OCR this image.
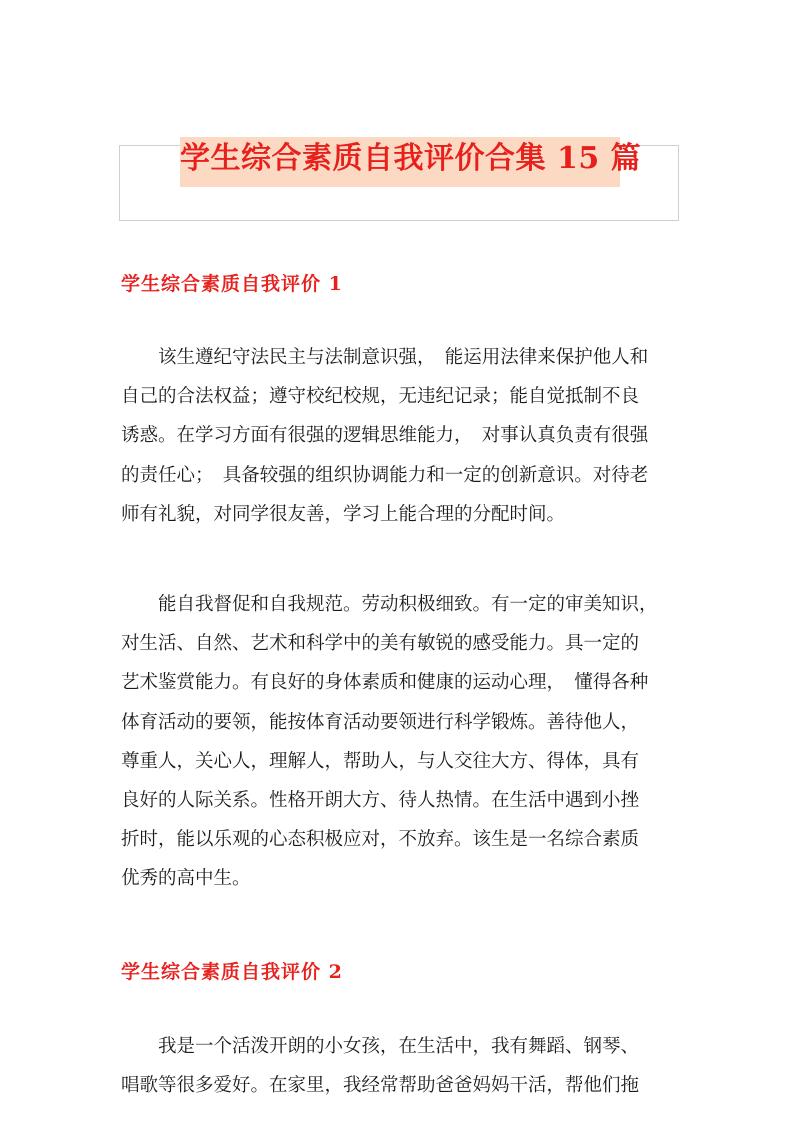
学生综合素质自我评价合集 15 篇
学生综合素质自我评价 1

　　该生遵纪守法民主与法制意识强，　能运用法律来保护他人和
自己的合法权益；遵守校纪校规，无违纪记录；能自觉抵制不良
诱惑。在学习方面有很强的逻辑思维能力，　对事认真负责有很强
的责任心；　具备较强的组织协调能力和一定的创新意识。对待老
师有礼貌，对同学很友善，学习上能合理的分配时间。

　　能自我督促和自我规范。劳动积极细致。有一定的审美知识，
对生活、自然、艺术和科学中的美有敏锐的感受能力。具一定的
艺术鉴赏能力。有良好的身体素质和健康的运动心理，　懂得各种
体育活动的要领，能按体育活动要领进行科学锻炼。善待他人，
尊重人，关心人，理解人，帮助人，与人交往大方、得体，具有
良好的人际关系。性格开朗大方、待人热情。在生活中遇到小挫
折时，能以乐观的心态积极应对，不放弃。该生是一名综合素质
优秀的高中生。

学生综合素质自我评价 2

　　我是一个活泼开朗的小女孩，在生活中，我有舞蹈、钢琴、
唱歌等很多爱好。在家里，我经常帮助爸爸妈妈干活，帮他们拖
